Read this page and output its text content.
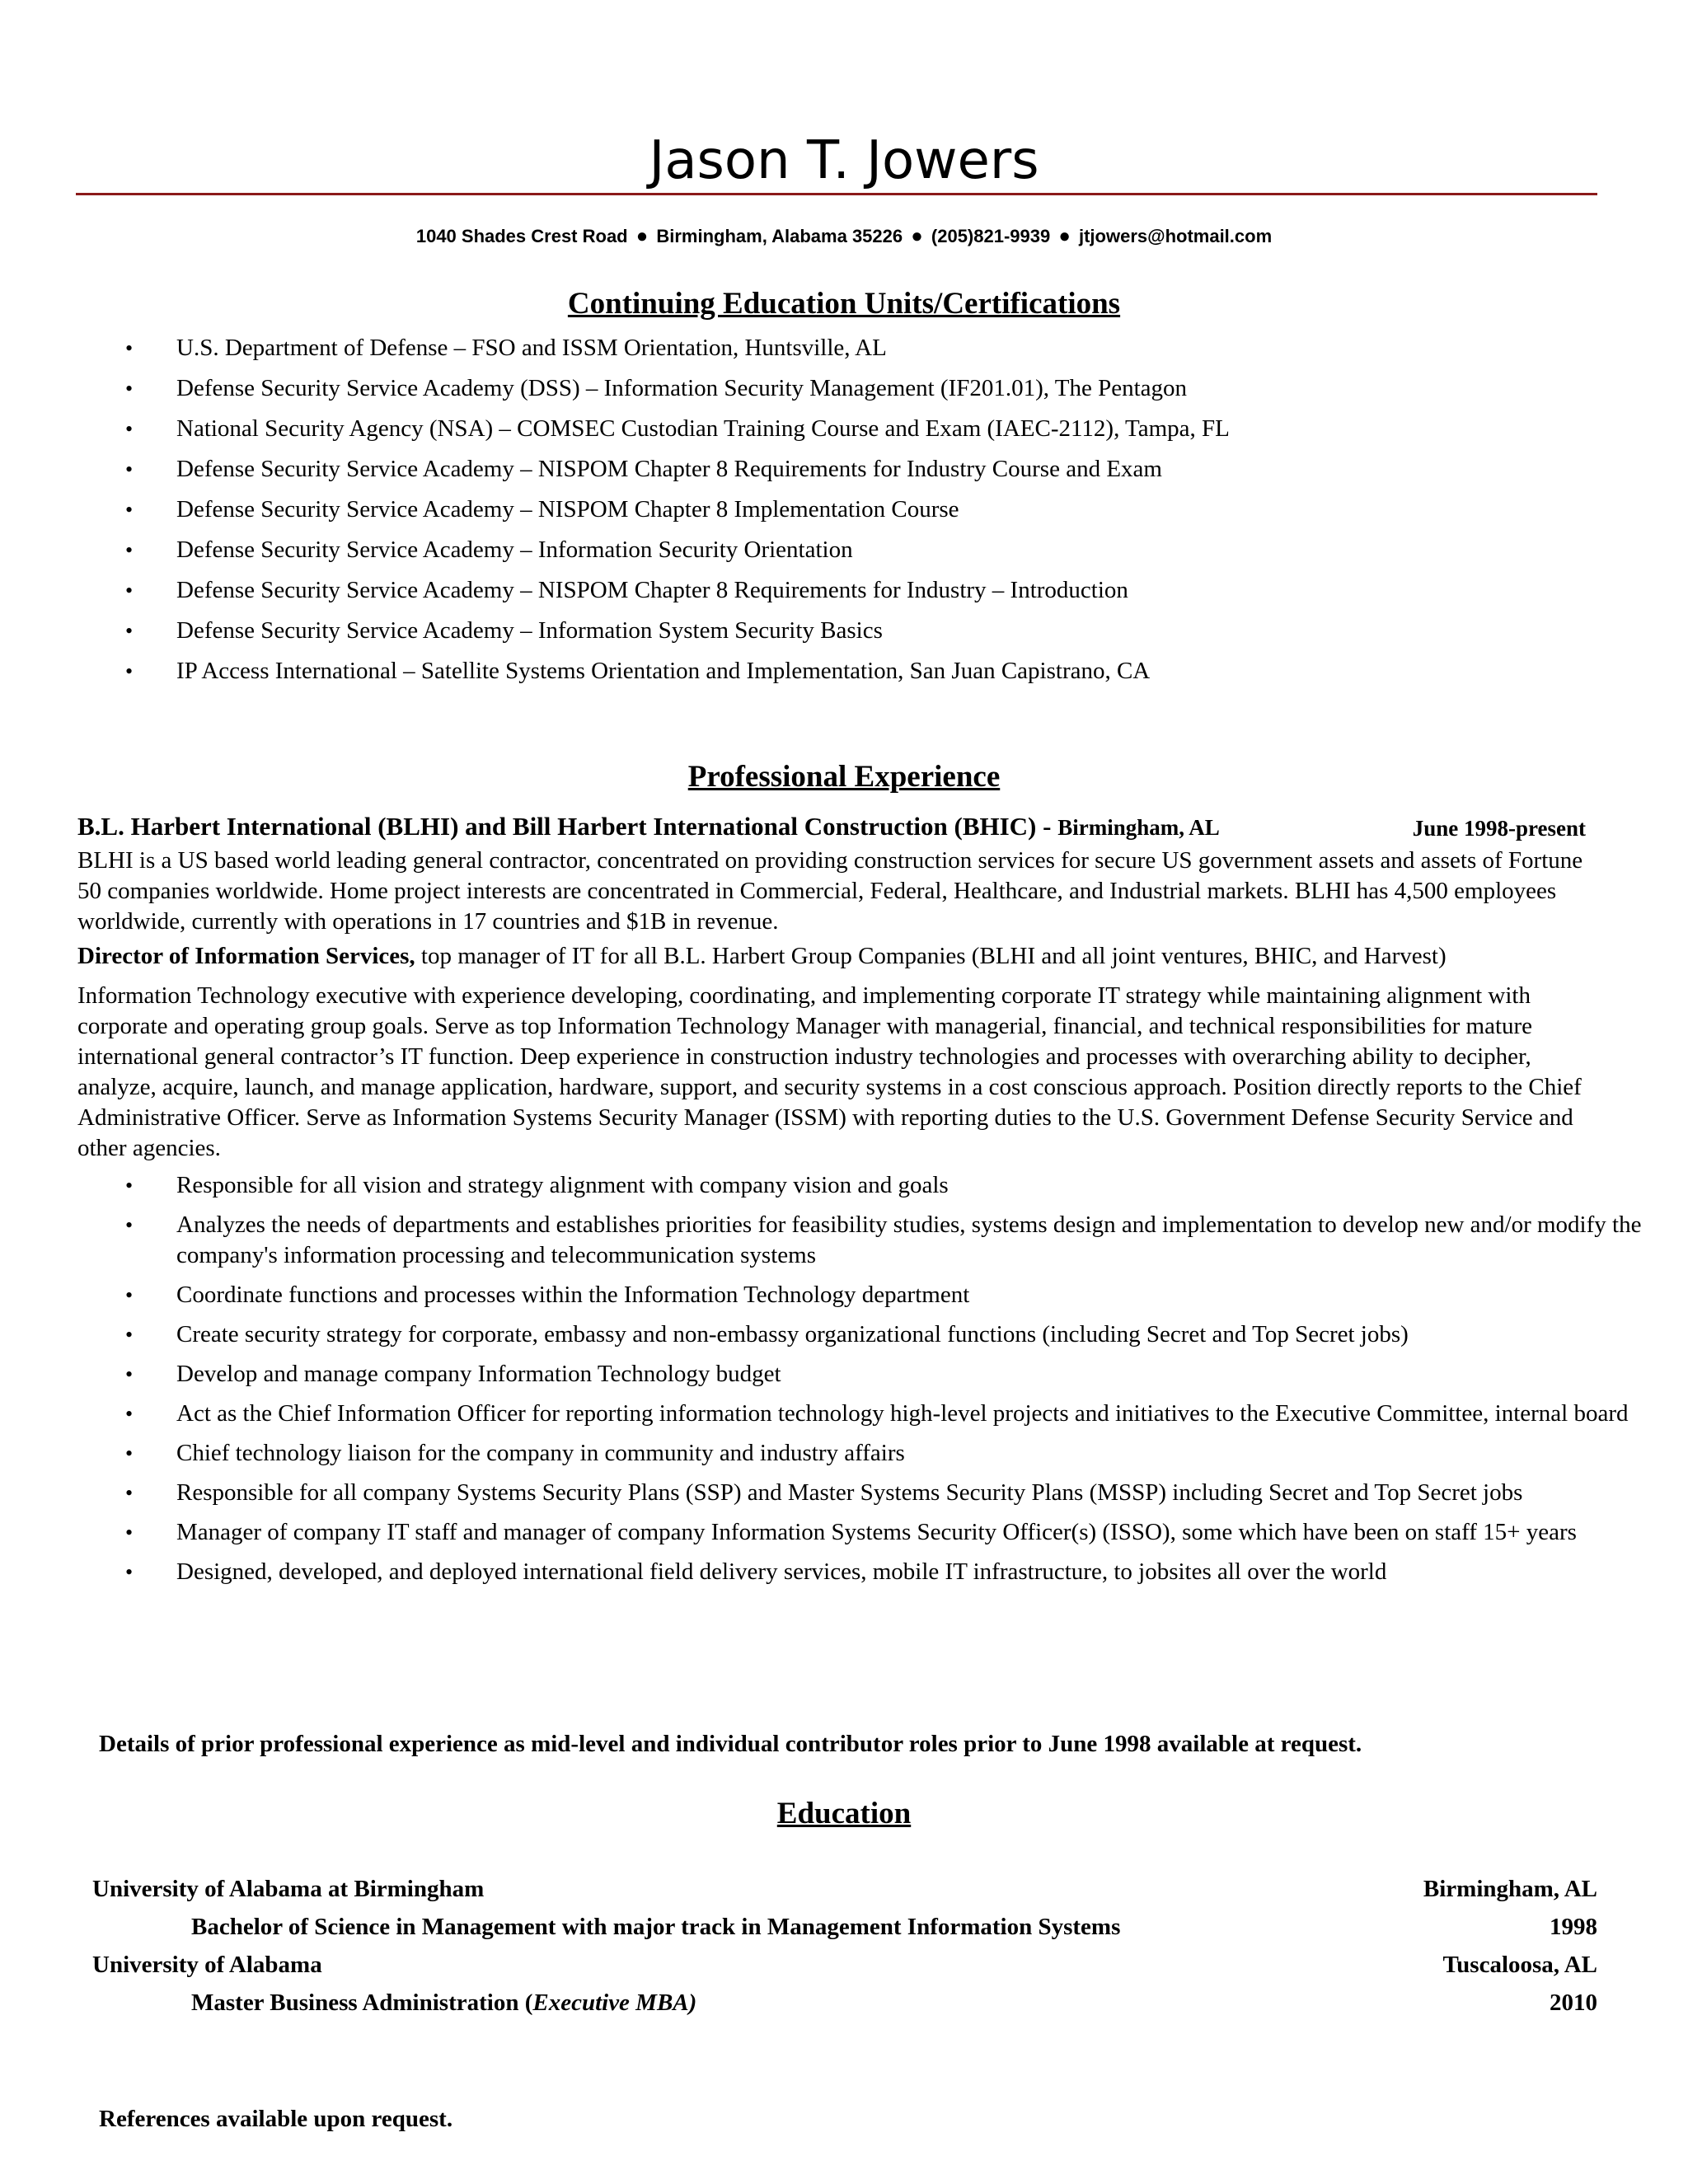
Jason T. Jowers
1040 Shades Crest Road ● Birmingham, Alabama 35226 ● (205)821-9939 ● jtjowers@hotmail.com
Continuing Education Units/Certifications
• U.S. Department of Defense – FSO and ISSM Orientation, Huntsville, AL
• Defense Security Service Academy (DSS) – Information Security Management (IF201.01), The Pentagon
• National Security Agency (NSA) – COMSEC Custodian Training Course and Exam (IAEC-2112), Tampa, FL
• Defense Security Service Academy – NISPOM Chapter 8 Requirements for Industry Course and Exam
• Defense Security Service Academy – NISPOM Chapter 8 Implementation Course
• Defense Security Service Academy – Information Security Orientation
• Defense Security Service Academy – NISPOM Chapter 8 Requirements for Industry – Introduction
• Defense Security Service Academy – Information System Security Basics
• IP Access International – Satellite Systems Orientation and Implementation, San Juan Capistrano, CA
Professional Experience
B.L. Harbert International (BLHI) and Bill Harbert International Construction (BHIC) - Birmingham, AL	June 1998-present

BLHI is a US based world leading general contractor, concentrated on providing construction services for secure US government assets and assets of Fortune 50 companies worldwide. Home project interests are concentrated in Commercial, Federal, Healthcare, and Industrial markets. BLHI has 4,500 employees worldwide, currently with operations in 17 countries and $1B in revenue.

Director of Information Services, top manager of IT for all B.L. Harbert Group Companies (BLHI and all joint ventures, BHIC, and Harvest)

Information Technology executive with experience developing, coordinating, and implementing corporate IT strategy while maintaining alignment with corporate and operating group goals. Serve as top Information Technology Manager with managerial, financial, and technical responsibilities for mature international general contractor’s IT function. Deep experience in construction industry technologies and processes with overarching ability to decipher, analyze, acquire, launch, and manage application, hardware, support, and security systems in a cost conscious approach. Position directly reports to the Chief Administrative Officer. Serve as Information Systems Security Manager (ISSM) with reporting duties to the U.S. Government Defense Security Service and other agencies.

• Responsible for all vision and strategy alignment with company vision and goals
• Analyzes the needs of departments and establishes priorities for feasibility studies, systems design and implementation to develop new and/or modify the company's information processing and telecommunication systems
• Coordinate functions and processes within the Information Technology department
• Create security strategy for corporate, embassy and non-embassy organizational functions (including Secret and Top Secret jobs)
• Develop and manage company Information Technology budget
• Act as the Chief Information Officer for reporting information technology high-level projects and initiatives to the Executive Committee, internal board
• Chief technology liaison for the company in community and industry affairs
• Responsible for all company Systems Security Plans (SSP) and Master Systems Security Plans (MSSP) including Secret and Top Secret jobs
• Manager of company IT staff and manager of company Information Systems Security Officer(s) (ISSO), some which have been on staff 15+ years
• Designed, developed, and deployed international field delivery services, mobile IT infrastructure, to jobsites all over the world
Details of prior professional experience as mid-level and individual contributor roles prior to June 1998 available at request.
Education
University of Alabama at Birmingham	Birmingham, AL
Bachelor of Science in Management with major track in Management Information Systems	1998
University of Alabama	Tuscaloosa, AL
Master Business Administration (Executive MBA)	2010
References available upon request.
